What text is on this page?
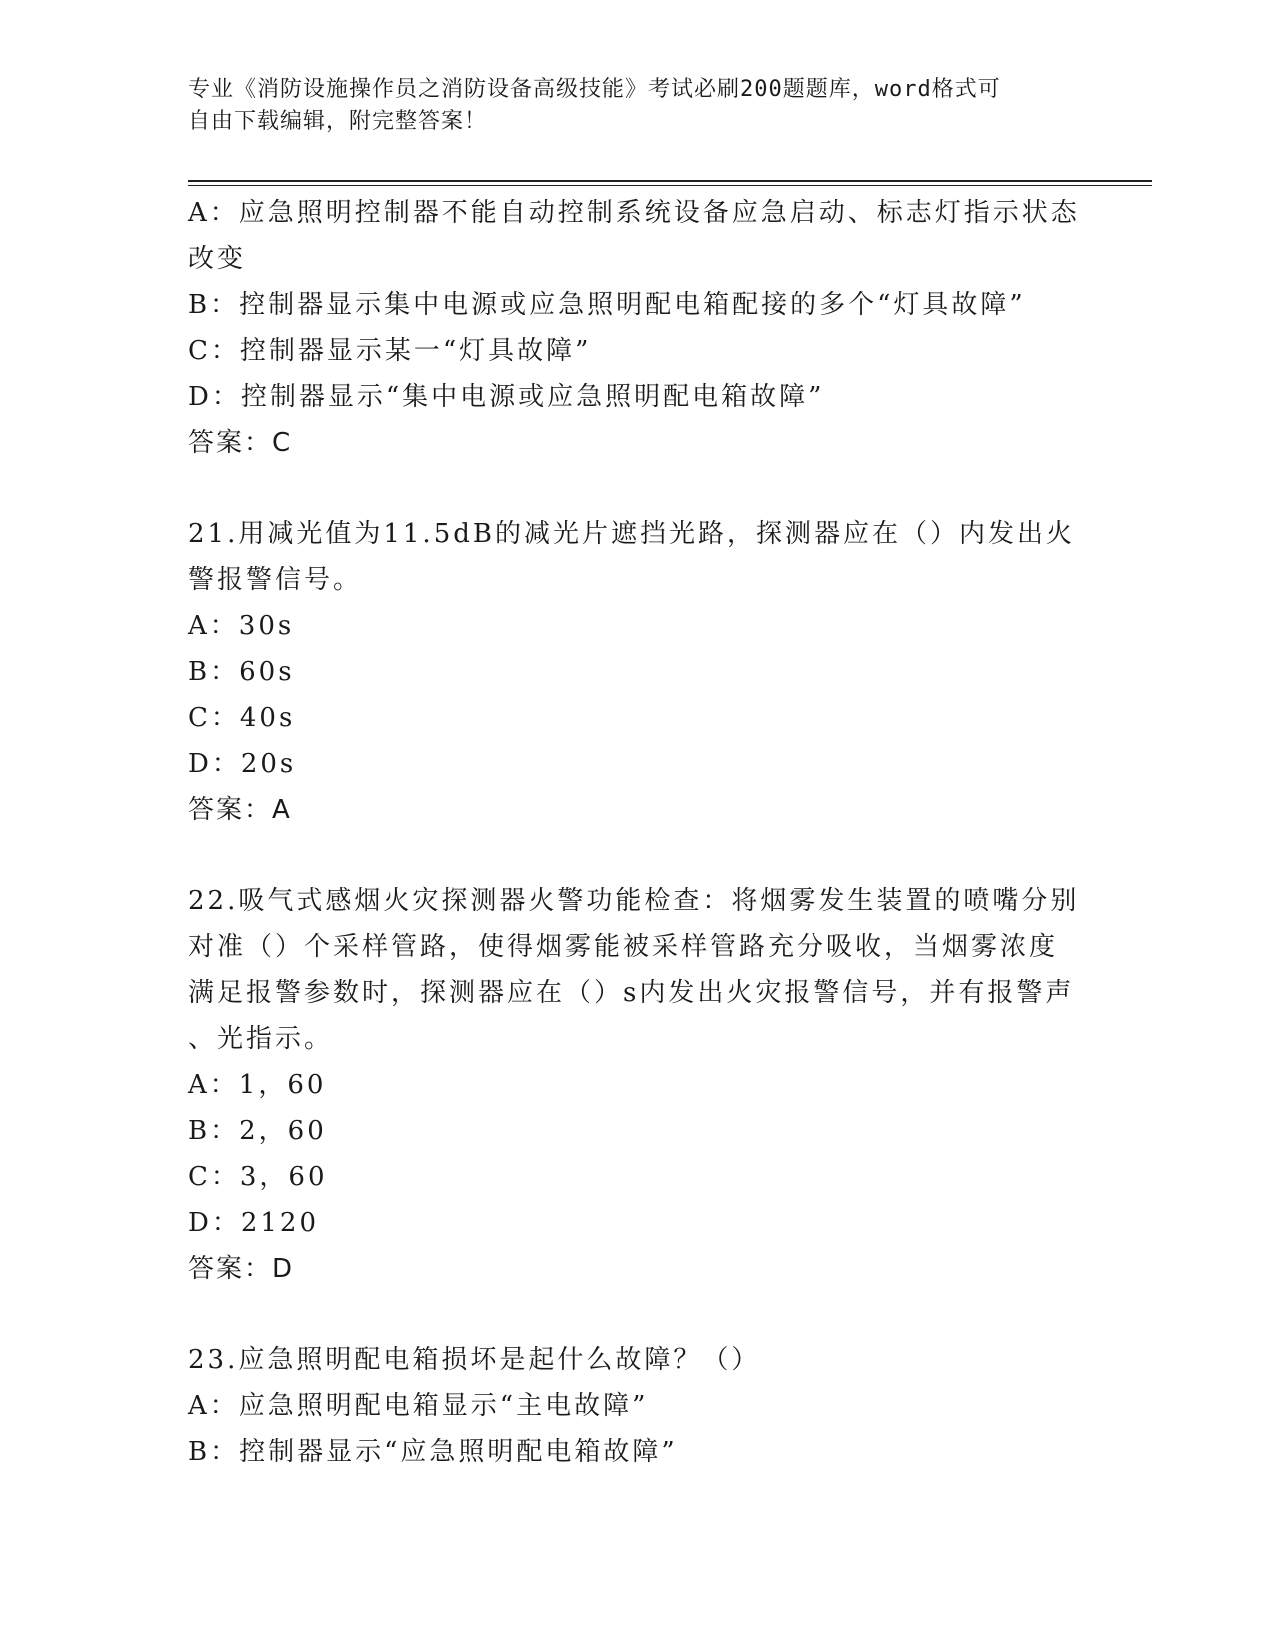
专业《消防设施操作员之消防设备高级技能》考试必刷200题题库，word格式可
自由下载编辑，附完整答案！
A：应急照明控制器不能自动控制系统设备应急启动、标志灯指示状态
改变
B：控制器显示集中电源或应急照明配电箱配接的多个“灯具故障”
C：控制器显示某一“灯具故障”
D：控制器显示“集中电源或应急照明配电箱故障”
答案：C
21.用减光值为11.5dB的减光片遮挡光路，探测器应在（）内发出火
警报警信号。
A：30s
B：60s
C：40s
D：20s
答案：A
22.吸气式感烟火灾探测器火警功能检查：将烟雾发生装置的喷嘴分别
对准（）个采样管路，使得烟雾能被采样管路充分吸收，当烟雾浓度
满足报警参数时，探测器应在（）s内发出火灾报警信号，并有报警声
、光指示。
A：1，60
B：2，60
C：3，60
D：2120
答案：D
23.应急照明配电箱损坏是起什么故障？（）
A：应急照明配电箱显示“主电故障”
B：控制器显示“应急照明配电箱故障”
